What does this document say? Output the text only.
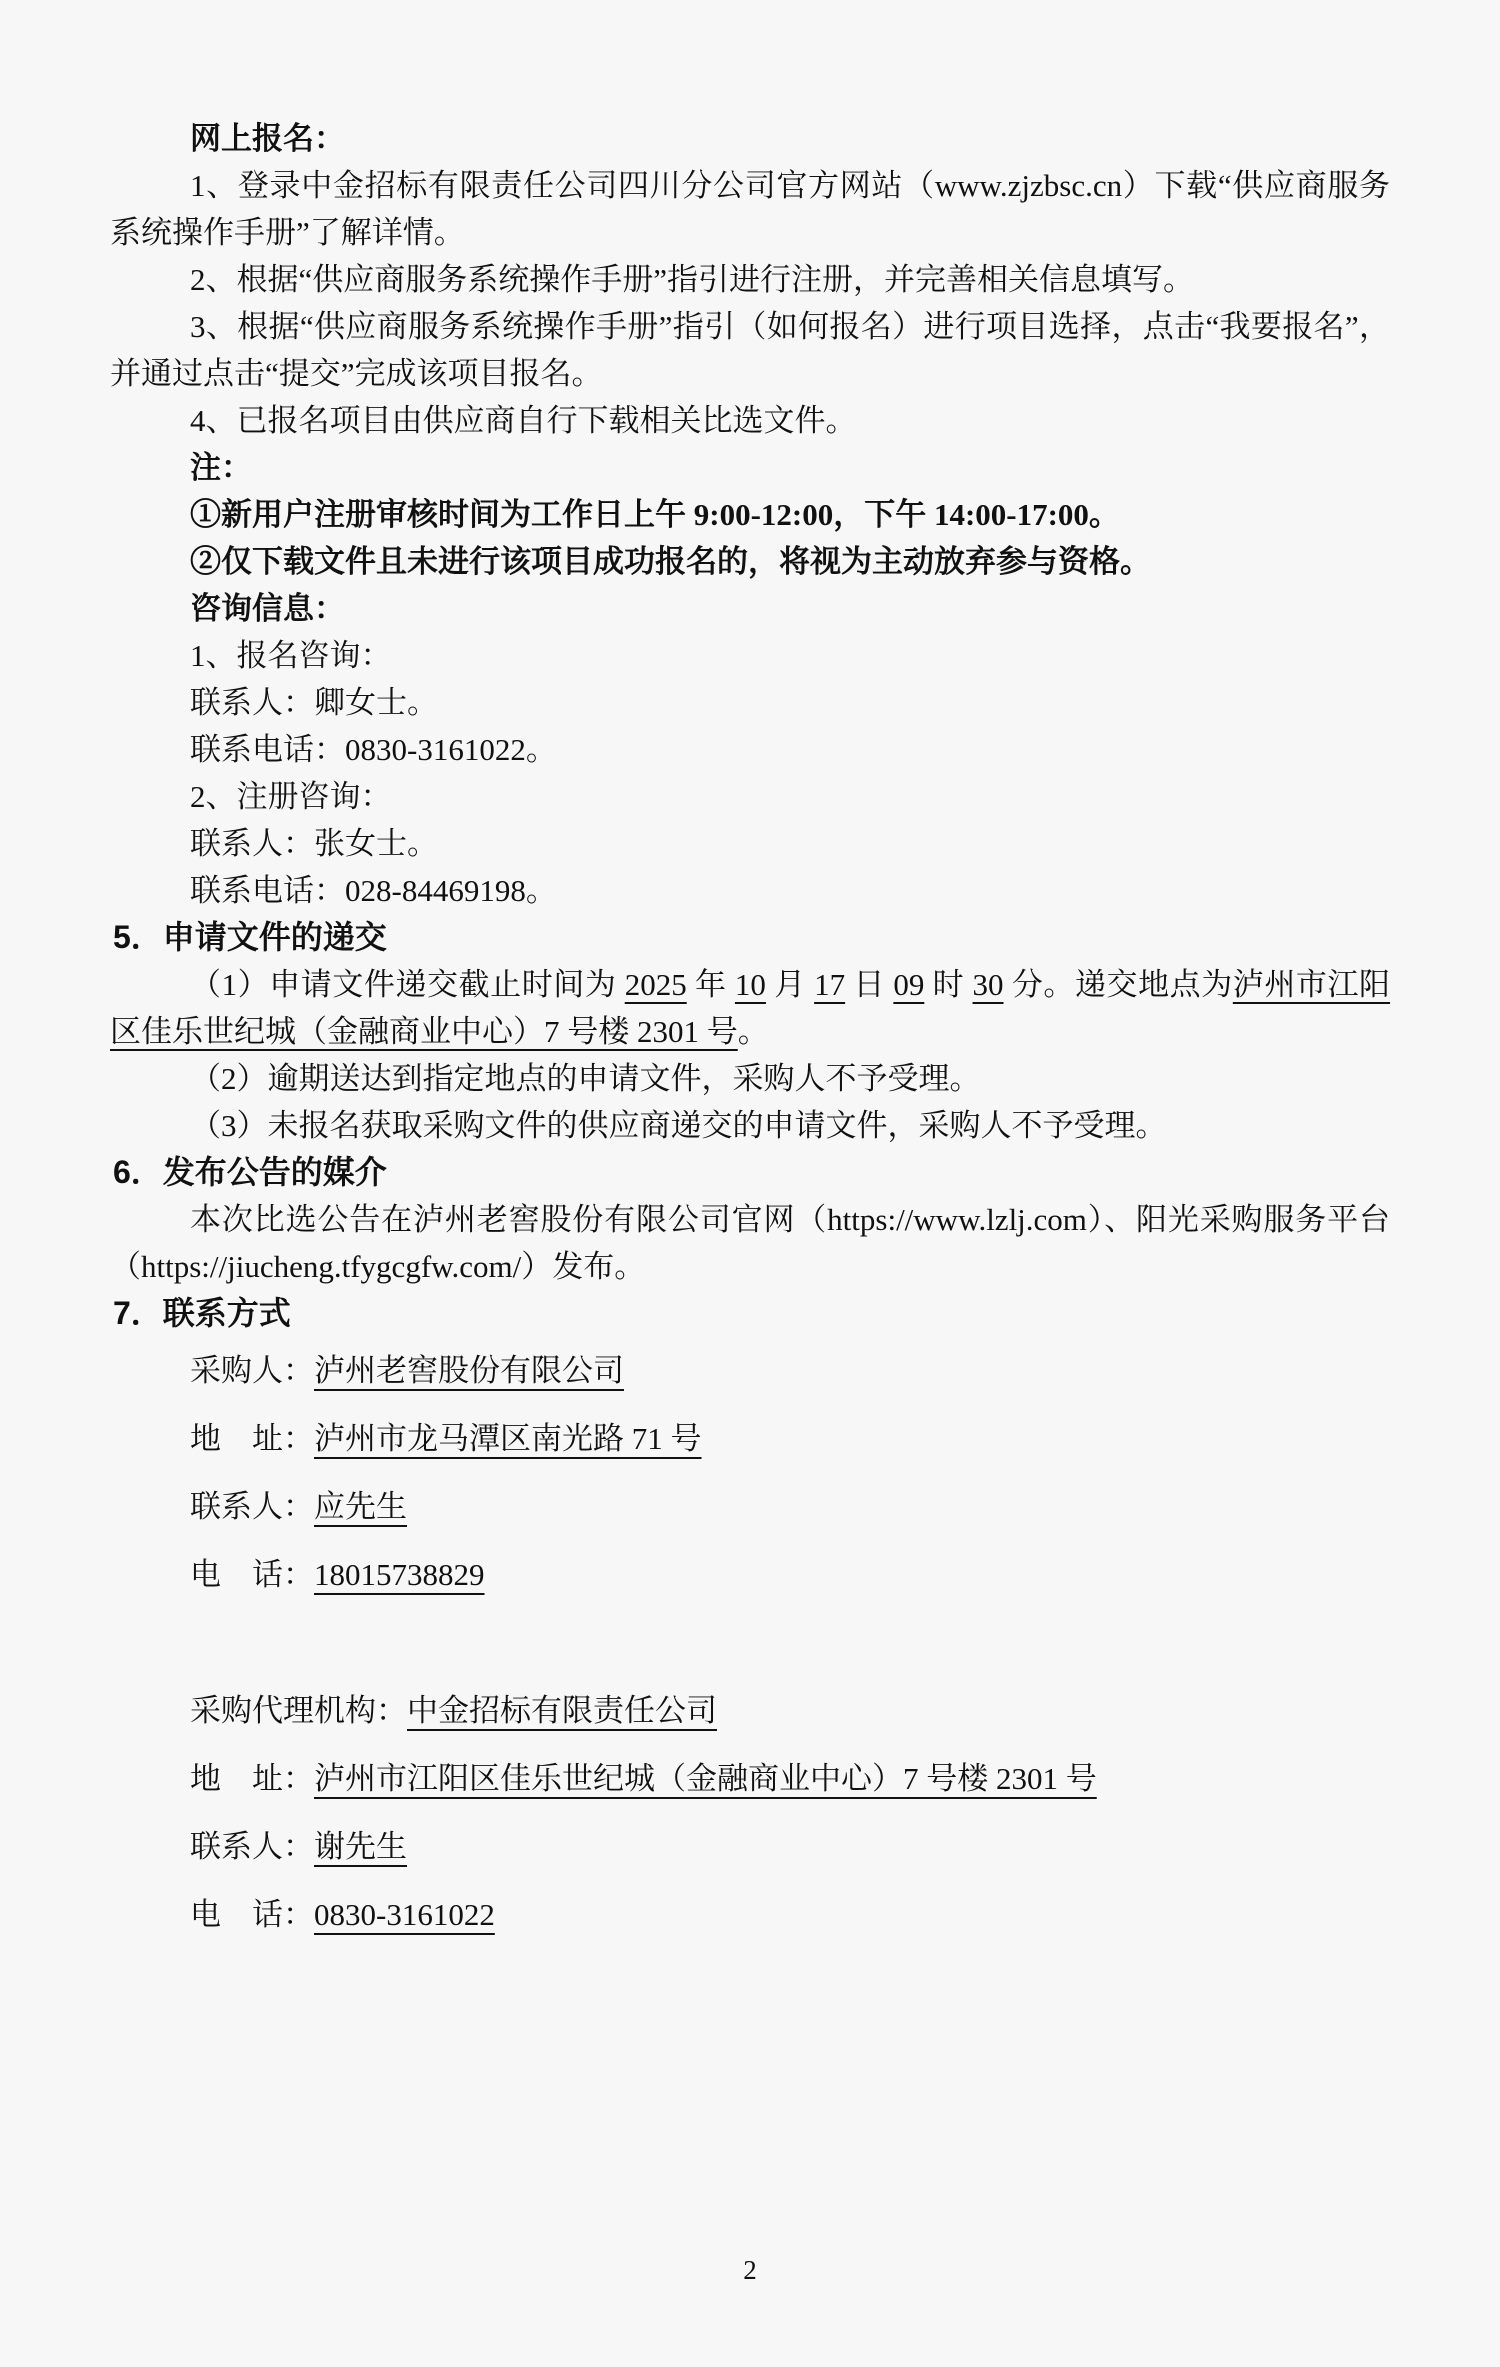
网上报名：

1、登录中金招标有限责任公司四川分公司官方网站（www.zjzbsc.cn）下载“供应商服务系统操作手册”了解详情。

2、根据“供应商服务系统操作手册”指引进行注册，并完善相关信息填写。

3、根据“供应商服务系统操作手册”指引（如何报名）进行项目选择，点击“我要报名”，并通过点击“提交”完成该项目报名。

4、已报名项目由供应商自行下载相关比选文件。

注：

①新用户注册审核时间为工作日上午 9:00-12:00，下午 14:00-17:00。

②仅下载文件且未进行该项目成功报名的，将视为主动放弃参与资格。

咨询信息：

1、报名咨询：

联系人：卿女士。

联系电话：0830-3161022。

2、注册咨询：

联系人：张女士。

联系电话：028-84469198。

5．申请文件的递交

（1）申请文件递交截止时间为 2025 年 10 月 17 日 09 时 30 分。递交地点为泸州市江阳区佳乐世纪城（金融商业中心）7 号楼 2301 号。

（2）逾期送达到指定地点的申请文件，采购人不予受理。

（3）未报名获取采购文件的供应商递交的申请文件，采购人不予受理。

6．发布公告的媒介

本次比选公告在泸州老窖股份有限公司官网（https://www.lzlj.com）、阳光采购服务平台（https://jiucheng.tfygcgfw.com/）发布。

7．联系方式

采购人：泸州老窖股份有限公司

地　址：泸州市龙马潭区南光路 71 号

联系人：应先生

电　话：18015738829

采购代理机构：中金招标有限责任公司

地　址：泸州市江阳区佳乐世纪城（金融商业中心）7 号楼 2301 号

联系人：谢先生

电　话：0830-3161022

2
